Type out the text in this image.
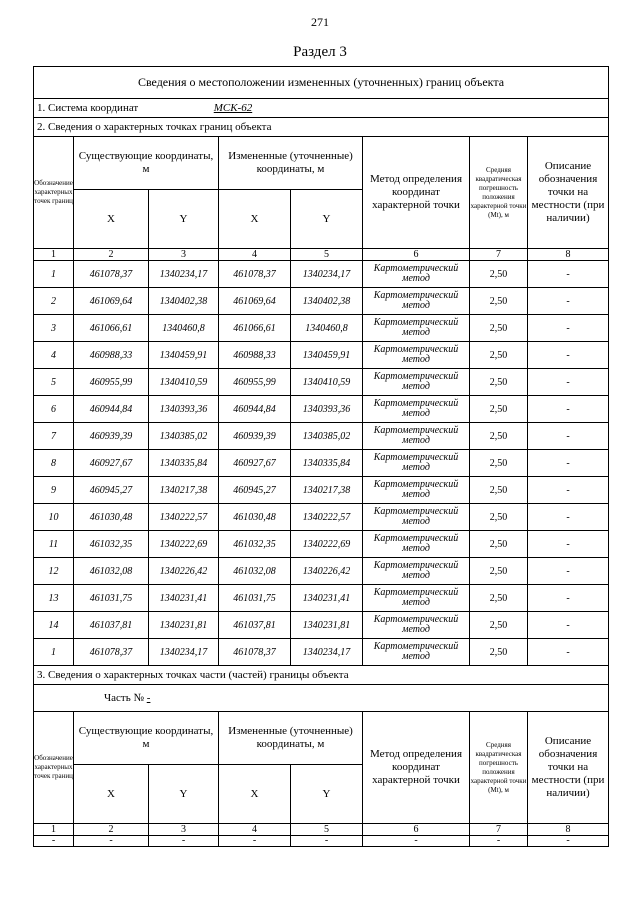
271
Раздел 3
Сведения о местоположении измененных (уточненных) границ объекта							
1. Система координат МСК-62							
2. Сведения о характерных точках границ объекта							
Обозначение характерных точек границ	Существующие координаты, м		Измененные (уточненные) координаты, м		Метод определения координат характерной точки	Средняя квадратическая погрешность положения характерной точки (Mt), м	Описание обозначения точки на местности (при наличии)
	X	Y	X	Y			
1	2	3	4	5	6	7	8
1	461078,37	1340234,17	461078,37	1340234,17	Картометрический метод	2,50	-
2	461069,64	1340402,38	461069,64	1340402,38	Картометрический метод	2,50	-
3	461066,61	1340460,8	461066,61	1340460,8	Картометрический метод	2,50	-
4	460988,33	1340459,91	460988,33	1340459,91	Картометрический метод	2,50	-
5	460955,99	1340410,59	460955,99	1340410,59	Картометрический метод	2,50	-
6	460944,84	1340393,36	460944,84	1340393,36	Картометрический метод	2,50	-
7	460939,39	1340385,02	460939,39	1340385,02	Картометрический метод	2,50	-
8	460927,67	1340335,84	460927,67	1340335,84	Картометрический метод	2,50	-
9	460945,27	1340217,38	460945,27	1340217,38	Картометрический метод	2,50	-
10	461030,48	1340222,57	461030,48	1340222,57	Картометрический метод	2,50	-
11	461032,35	1340222,69	461032,35	1340222,69	Картометрический метод	2,50	-
12	461032,08	1340226,42	461032,08	1340226,42	Картометрический метод	2,50	-
13	461031,75	1340231,41	461031,75	1340231,41	Картометрический метод	2,50	-
14	461037,81	1340231,81	461037,81	1340231,81	Картометрический метод	2,50	-
1	461078,37	1340234,17	461078,37	1340234,17	Картометрический метод	2,50	-
3. Сведения о характерных точках части (частей) границы объекта							
Часть № -							
Обозначение характерных точек границ	Существующие координаты, м		Измененные (уточненные) координаты, м		Метод определения координат характерной точки	Средняя квадратическая погрешность положения характерной точки (Mt), м	Описание обозначения точки на местности (при наличии)
	X	Y	X	Y			
1	2	3	4	5	6	7	8
-	-	-	-	-	-	-	-
